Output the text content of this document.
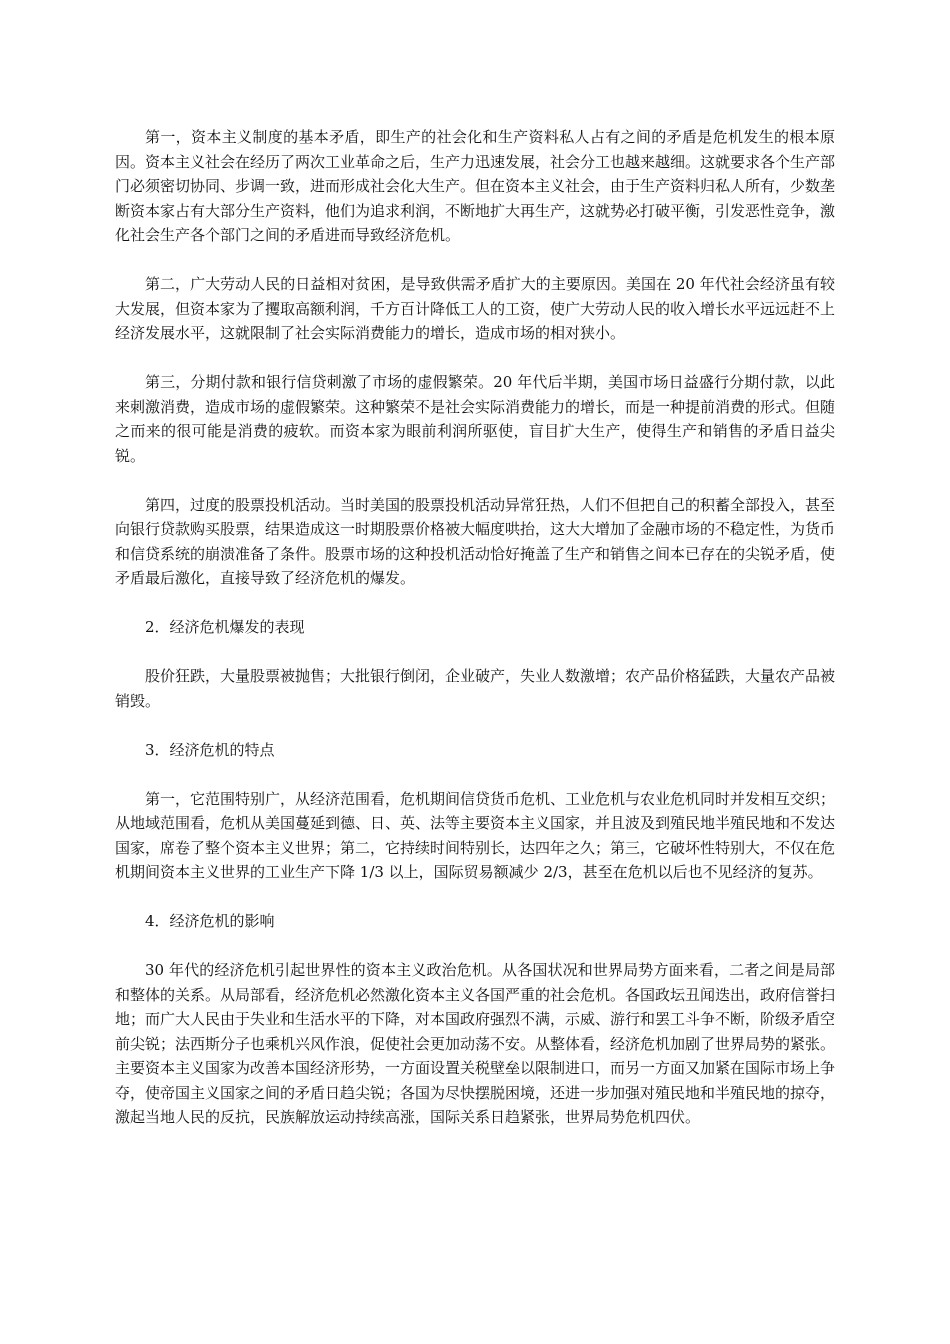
第一，资本主义制度的基本矛盾，即生产的社会化和生产资料私人占有之间的矛盾是危机发生的根本原因。资本主义社会在经历了两次工业革命之后，生产力迅速发展，社会分工也越来越细。这就要求各个生产部门必须密切协同、步调一致，进而形成社会化大生产。但在资本主义社会，由于生产资料归私人所有，少数垄断资本家占有大部分生产资料，他们为追求利润，不断地扩大再生产，这就势必打破平衡，引发恶性竞争，激化社会生产各个部门之间的矛盾进而导致经济危机。

第二，广大劳动人民的日益相对贫困，是导致供需矛盾扩大的主要原因。美国在 20 年代社会经济虽有较大发展，但资本家为了攫取高额利润，千方百计降低工人的工资，使广大劳动人民的收入增长水平远远赶不上经济发展水平，这就限制了社会实际消费能力的增长，造成市场的相对狭小。

第三，分期付款和银行信贷刺激了市场的虚假繁荣。20 年代后半期，美国市场日益盛行分期付款，以此来刺激消费，造成市场的虚假繁荣。这种繁荣不是社会实际消费能力的增长，而是一种提前消费的形式。但随之而来的很可能是消费的疲软。而资本家为眼前利润所驱使，盲目扩大生产，使得生产和销售的矛盾日益尖锐。

第四，过度的股票投机活动。当时美国的股票投机活动异常狂热，人们不但把自己的积蓄全部投入，甚至向银行贷款购买股票，结果造成这一时期股票价格被大幅度哄抬，这大大增加了金融市场的不稳定性，为货币和信贷系统的崩溃准备了条件。股票市场的这种投机活动恰好掩盖了生产和销售之间本已存在的尖锐矛盾，使矛盾最后激化，直接导致了经济危机的爆发。

2．经济危机爆发的表现

股价狂跌，大量股票被抛售；大批银行倒闭，企业破产，失业人数激增；农产品价格猛跌，大量农产品被销毁。

3．经济危机的特点

第一，它范围特别广，从经济范围看，危机期间信贷货币危机、工业危机与农业危机同时并发相互交织；从地域范围看，危机从美国蔓延到德、日、英、法等主要资本主义国家，并且波及到殖民地半殖民地和不发达国家，席卷了整个资本主义世界；第二，它持续时间特别长，达四年之久；第三，它破坏性特别大，不仅在危机期间资本主义世界的工业生产下降 1/3 以上，国际贸易额减少 2/3，甚至在危机以后也不见经济的复苏。

4．经济危机的影响

30 年代的经济危机引起世界性的资本主义政治危机。从各国状况和世界局势方面来看，二者之间是局部和整体的关系。从局部看，经济危机必然激化资本主义各国严重的社会危机。各国政坛丑闻迭出，政府信誉扫地；而广大人民由于失业和生活水平的下降，对本国政府强烈不满，示威、游行和罢工斗争不断，阶级矛盾空前尖锐；法西斯分子也乘机兴风作浪，促使社会更加动荡不安。从整体看，经济危机加剧了世界局势的紧张。主要资本主义国家为改善本国经济形势，一方面设置关税壁垒以限制进口，而另一方面又加紧在国际市场上争夺，使帝国主义国家之间的矛盾日趋尖锐；各国为尽快摆脱困境，还进一步加强对殖民地和半殖民地的掠夺，激起当地人民的反抗，民族解放运动持续高涨，国际关系日趋紧张，世界局势危机四伏。
